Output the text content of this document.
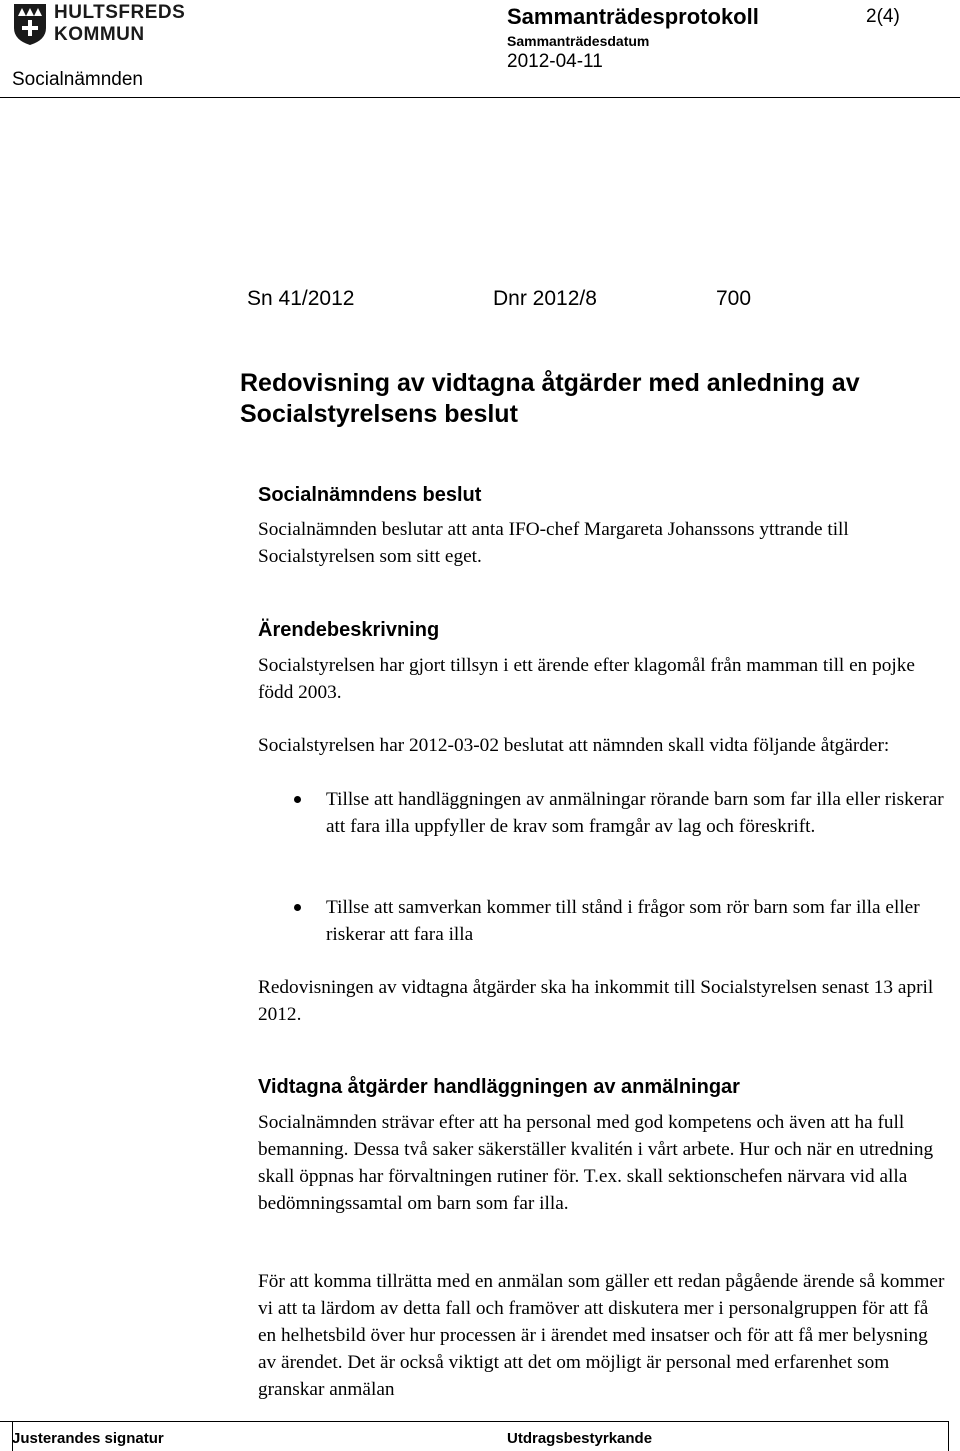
HULTSFREDS
KOMMUN
Socialnämnden
Sammanträdesprotokoll	2(4)
Sammanträdesdatum
2012-04-11
Sn 41/2012	Dnr 2012/8	700
Redovisning av vidtagna åtgärder med anledning av Socialstyrelsens beslut
Socialnämndens beslut
Socialnämnden beslutar att anta IFO-chef Margareta Johanssons yttrande till Socialstyrelsen som sitt eget.
Ärendebeskrivning
Socialstyrelsen har gjort tillsyn i ett ärende efter klagomål från mamman till en pojke född 2003.
Socialstyrelsen har 2012-03-02 beslutat att nämnden skall vidta följande åtgärder:
Tillse att handläggningen av anmälningar rörande barn som far illa eller riskerar att fara illa uppfyller de krav som framgår av lag och föreskrift.
Tillse att samverkan kommer till stånd i frågor som rör barn som far illa eller riskerar att fara illa
Redovisningen av vidtagna åtgärder ska ha inkommit till Socialstyrelsen senast 13 april 2012.
Vidtagna åtgärder handläggningen av anmälningar
Socialnämnden strävar efter att ha personal med god kompetens och även att ha full bemanning. Dessa två saker säkerställer kvalitén i vårt arbete. Hur och när en utredning skall öppnas har förvaltningen rutiner för. T.ex. skall sektionschefen närvara vid alla bedömningssamtal om barn som far illa.
För att komma tillrätta med en anmälan som gäller ett redan pågående ärende så kommer vi att ta lärdom av detta fall och framöver att diskutera mer i personalgruppen för att få en helhetsbild över hur processen är i ärendet med insatser och för att få mer belysning av ärendet. Det är också viktigt att det om möjligt är personal med erfarenhet som granskar anmälan
Justerandes signatur	Utdragsbestyrkande
